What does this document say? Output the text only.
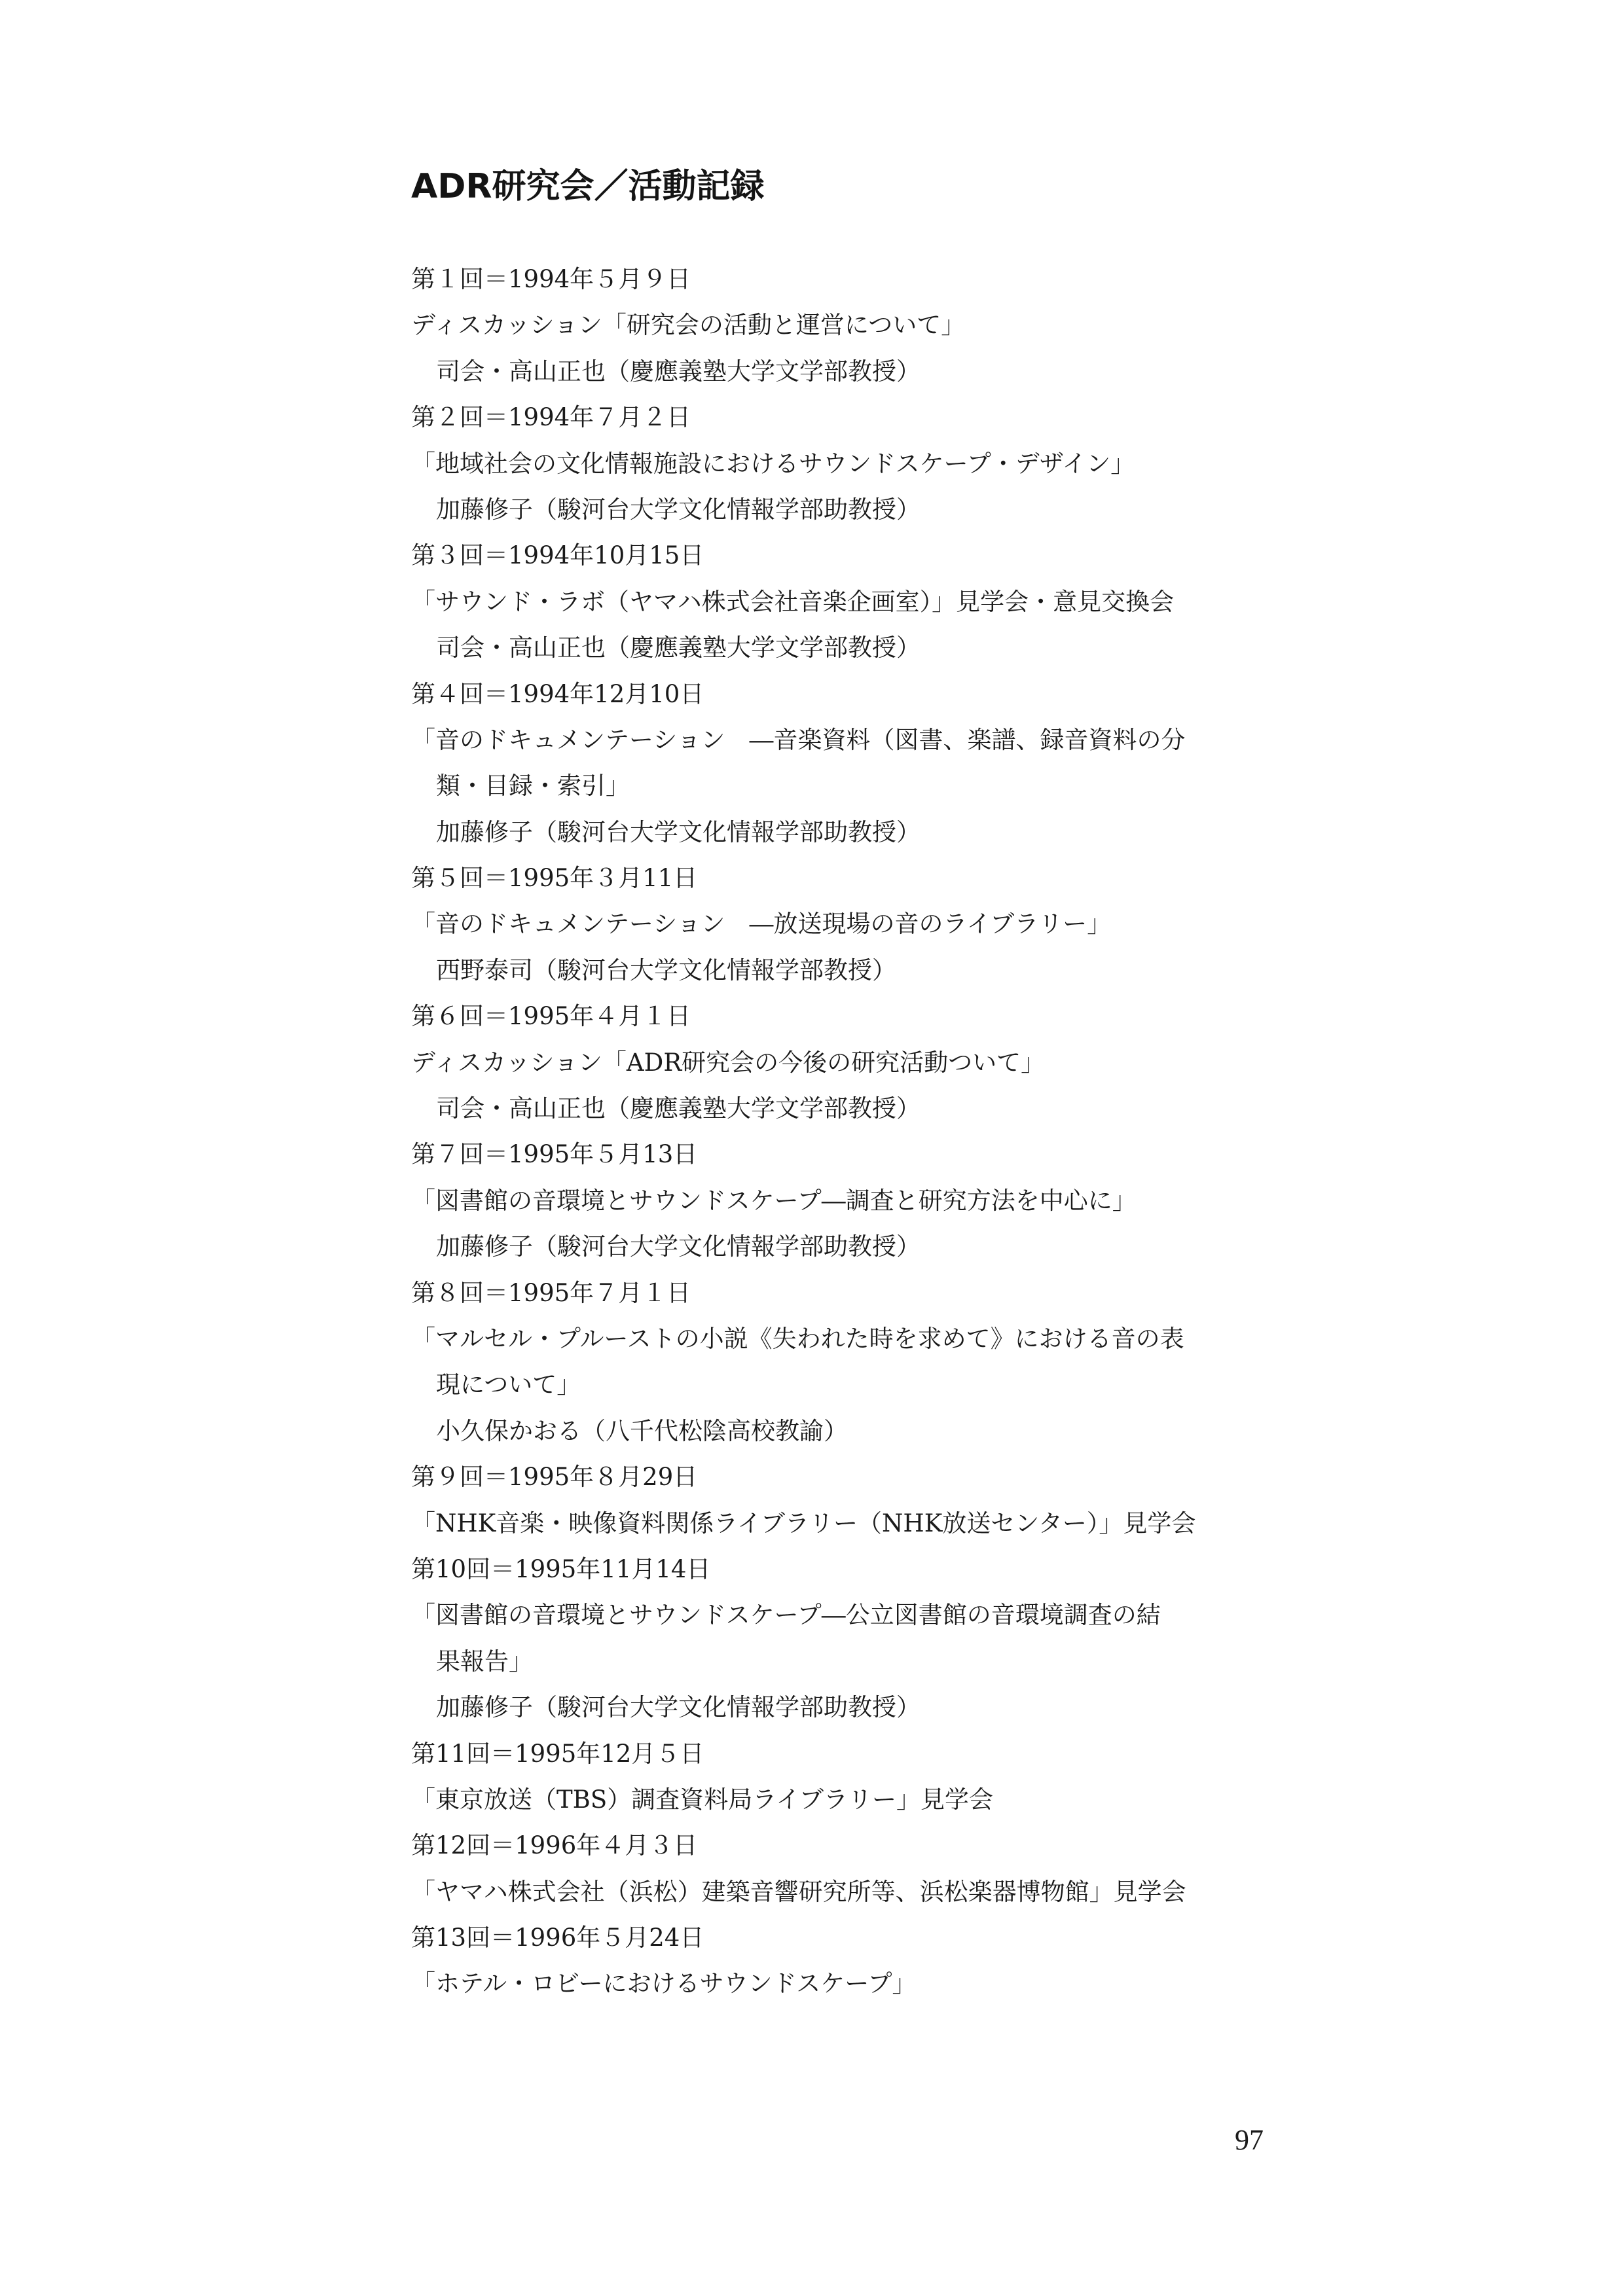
ADR研究会／活動記録
第１回＝1994年５月９日
ディスカッション「研究会の活動と運営について」
司会・高山正也（慶應義塾大学文学部教授）
第２回＝1994年７月２日
「地域社会の文化情報施設におけるサウンドスケープ・デザイン」
加藤修子（駿河台大学文化情報学部助教授）
第３回＝1994年10月15日
「サウンド・ラボ（ヤマハ株式会社音楽企画室）」見学会・意見交換会
司会・高山正也（慶應義塾大学文学部教授）
第４回＝1994年12月10日
「音のドキュメンテーション　―音楽資料（図書、楽譜、録音資料の分
類・目録・索引」
加藤修子（駿河台大学文化情報学部助教授）
第５回＝1995年３月11日
「音のドキュメンテーション　―放送現場の音のライブラリー」
西野泰司（駿河台大学文化情報学部教授）
第６回＝1995年４月１日
ディスカッション「ADR研究会の今後の研究活動ついて」
司会・高山正也（慶應義塾大学文学部教授）
第７回＝1995年５月13日
「図書館の音環境とサウンドスケープ―調査と研究方法を中心に」
加藤修子（駿河台大学文化情報学部助教授）
第８回＝1995年７月１日
「マルセル・プルーストの小説《失われた時を求めて》における音の表
現について」
小久保かおる（八千代松陰高校教諭）
第９回＝1995年８月29日
「NHK音楽・映像資料関係ライブラリー（NHK放送センター）」見学会
第10回＝1995年11月14日
「図書館の音環境とサウンドスケープ―公立図書館の音環境調査の結
果報告」
加藤修子（駿河台大学文化情報学部助教授）
第11回＝1995年12月５日
「東京放送（TBS）調査資料局ライブラリー」見学会
第12回＝1996年４月３日
「ヤマハ株式会社（浜松）建築音響研究所等、浜松楽器博物館」見学会
第13回＝1996年５月24日
「ホテル・ロビーにおけるサウンドスケープ」
97
